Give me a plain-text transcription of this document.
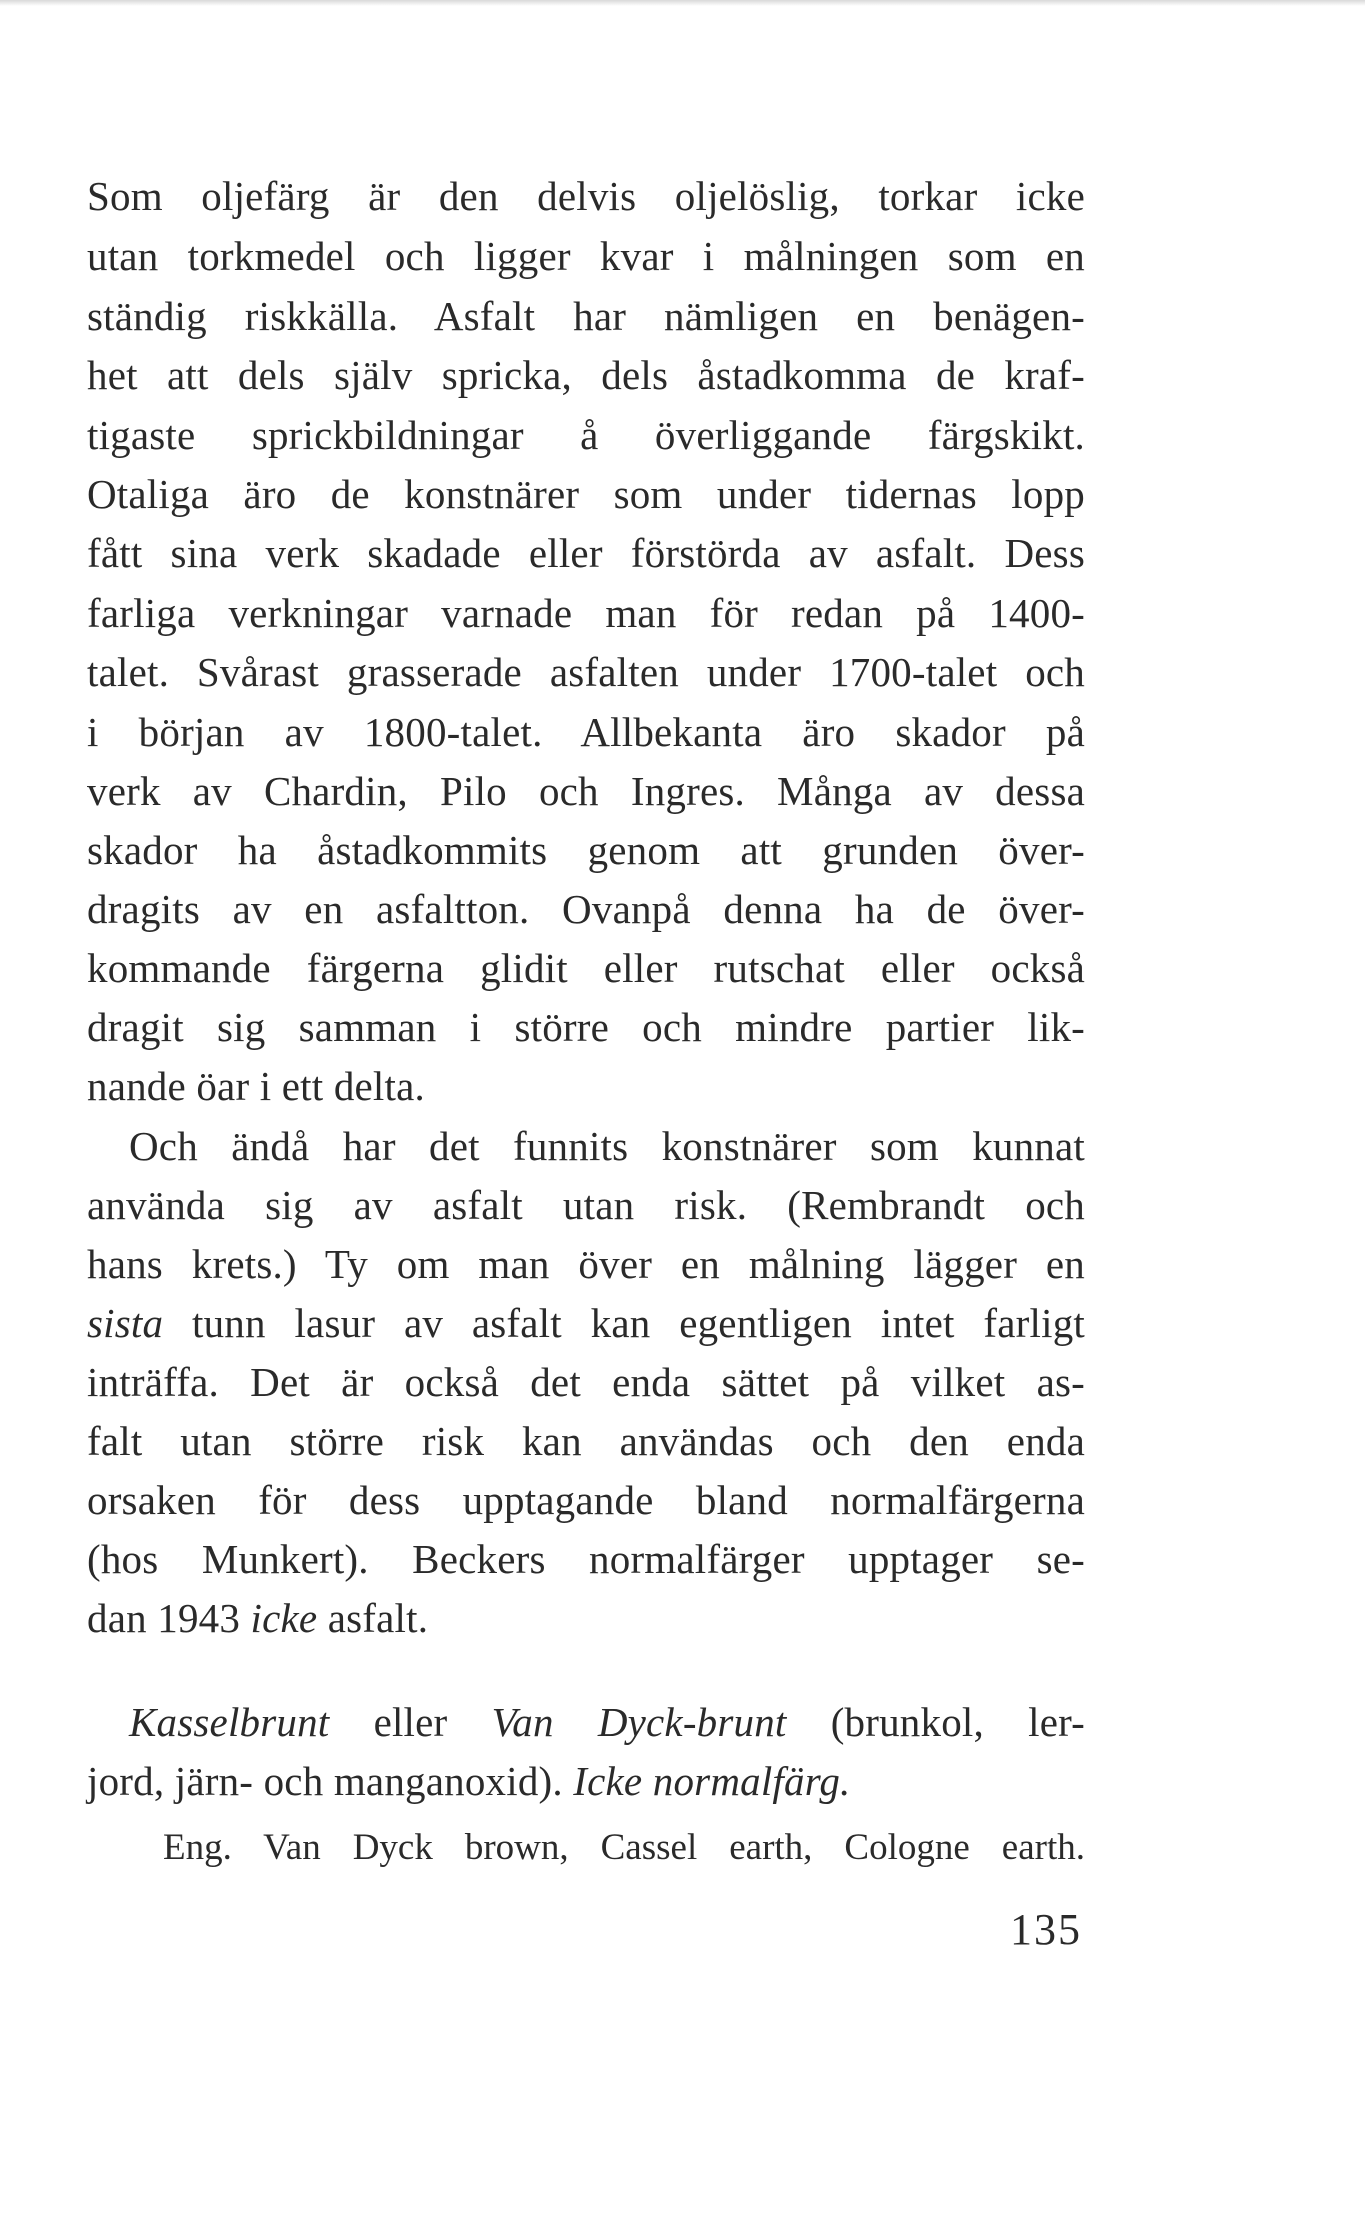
Som oljefärg är den delvis oljelöslig, torkar icke
utan torkmedel och ligger kvar i målningen som en
ständig riskkälla. Asfalt har nämligen en benägen-
het att dels själv spricka, dels åstadkomma de kraf-
tigaste sprickbildningar å överliggande färgskikt.
Otaliga äro de konstnärer som under tidernas lopp
fått sina verk skadade eller förstörda av asfalt. Dess
farliga verkningar varnade man för redan på 1400-
talet. Svårast grasserade asfalten under 1700-talet och
i början av 1800-talet. Allbekanta äro skador på
verk av Chardin, Pilo och Ingres. Många av dessa
skador ha åstadkommits genom att grunden över-
dragits av en asfaltton. Ovanpå denna ha de över-
kommande färgerna glidit eller rutschat eller också
dragit sig samman i större och mindre partier lik-
nande öar i ett delta.
Och ändå har det funnits konstnärer som kunnat
använda sig av asfalt utan risk. (Rembrandt och
hans krets.) Ty om man över en målning lägger en
sista tunn lasur av asfalt kan egentligen intet farligt
inträffa. Det är också det enda sättet på vilket as-
falt utan större risk kan användas och den enda
orsaken för dess upptagande bland normalfärgerna
(hos Munkert). Beckers normalfärger upptager se-
dan 1943 icke asfalt.
Kasselbrunt eller Van Dyck-brunt (brunkol, ler-
jord, järn- och manganoxid). Icke normalfärg.
Eng. Van Dyck brown, Cassel earth, Cologne earth.
135
